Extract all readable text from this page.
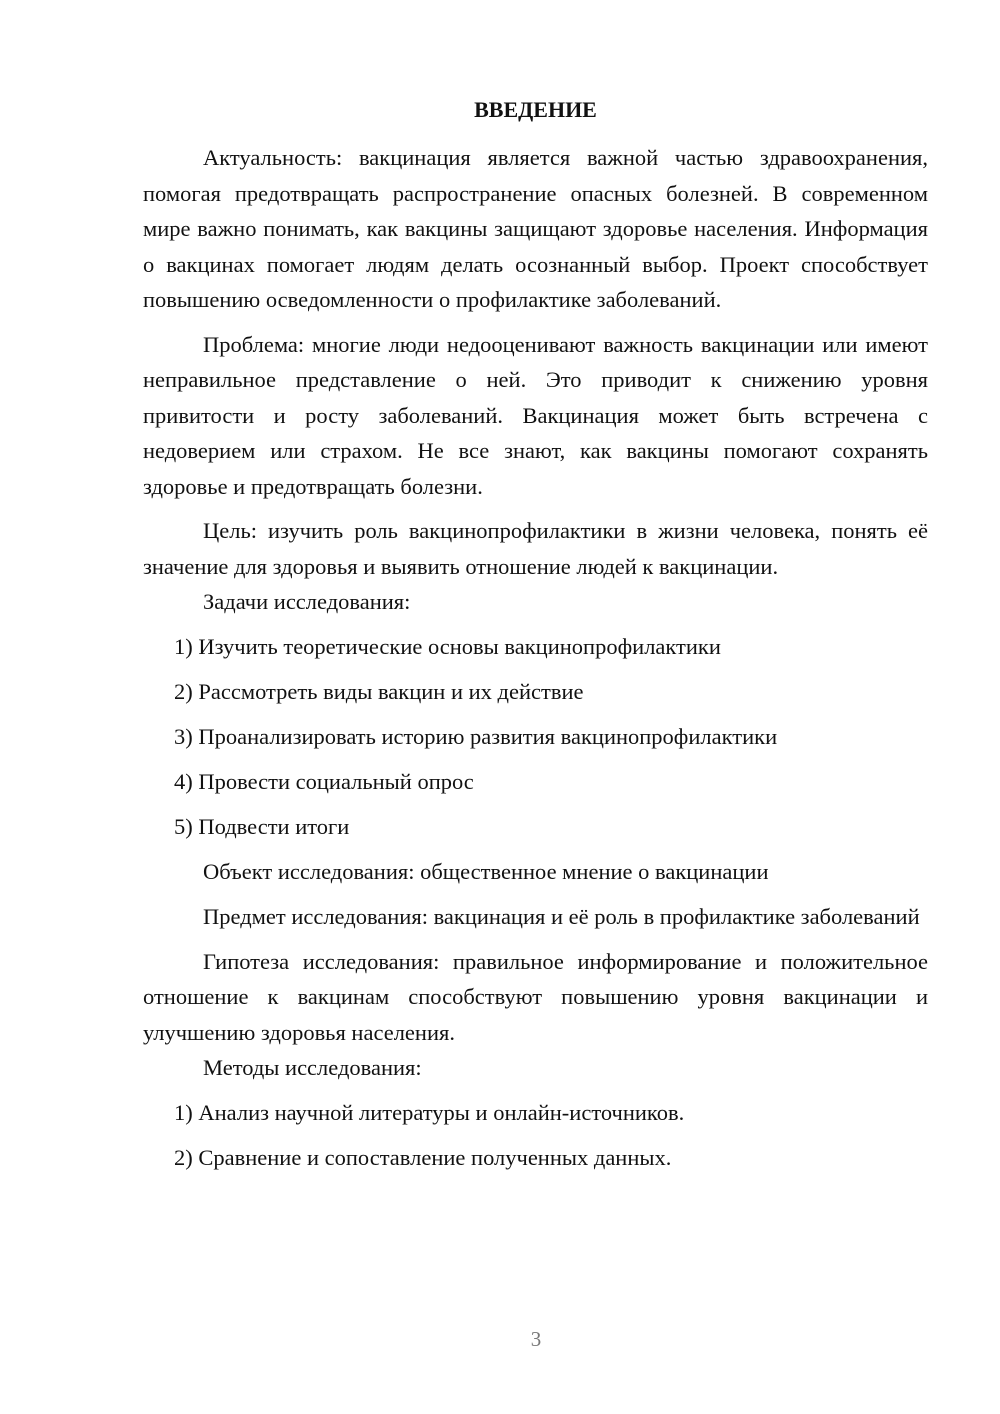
ВВЕДЕНИЕ

Актуальность: вакцинация является важной частью здравоохранения, помогая предотвращать распространение опасных болезней. В современном мире важно понимать, как вакцины защищают здоровье населения. Информация о вакцинах помогает людям делать осознанный выбор. Проект способствует повышению осведомленности о профилактике заболеваний.

Проблема: многие люди недооценивают важность вакцинации или имеют неправильное представление о ней. Это приводит к снижению уровня привитости и росту заболеваний. Вакцинация может быть встречена с недоверием или страхом. Не все знают, как вакцины помогают сохранять здоровье и предотвращать болезни.

Цель: изучить роль вакцинопрофилактики в жизни человека, понять её значение для здоровья и выявить отношение людей к вакцинации.

Задачи исследования:

1) Изучить теоретические основы вакцинопрофилактики

2) Рассмотреть виды вакцин и их действие

3) Проанализировать историю развития вакцинопрофилактики

4) Провести социальный опрос

5) Подвести итоги

Объект исследования: общественное мнение о вакцинации

Предмет исследования: вакцинация и её роль в профилактике заболеваний

Гипотеза исследования: правильное информирование и положительное отношение к вакцинам способствуют повышению уровня вакцинации и улучшению здоровья населения.

Методы исследования:

1) Анализ научной литературы и онлайн-источников.

2) Сравнение и сопоставление полученных данных.

3
